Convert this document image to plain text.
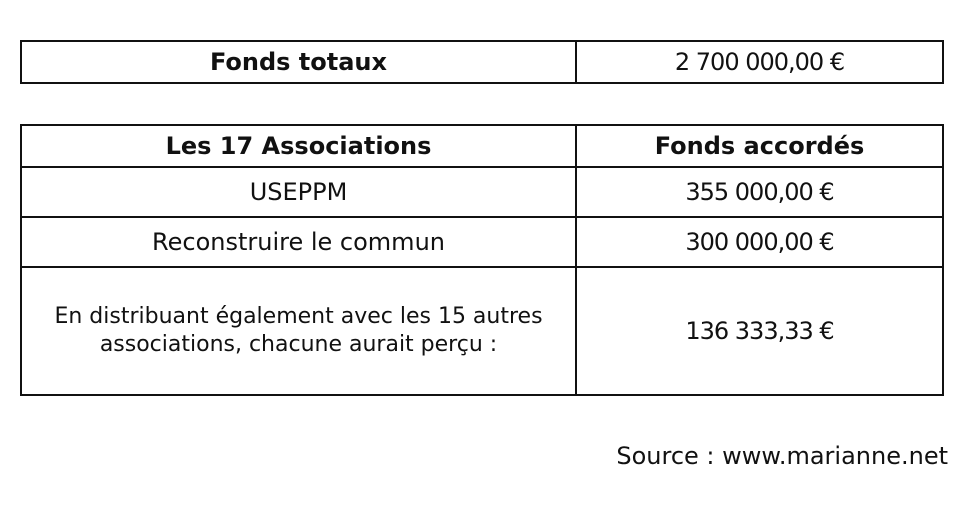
Fonds totaux	2 700 000,00 €
Les 17 Associations	Fonds accordés
USEPPM	355 000,00 €
Reconstruire le commun	300 000,00 €
En distribuant également avec les 15 autres associations, chacune aurait perçu :	136 333,33 €
Source : www.marianne.net
